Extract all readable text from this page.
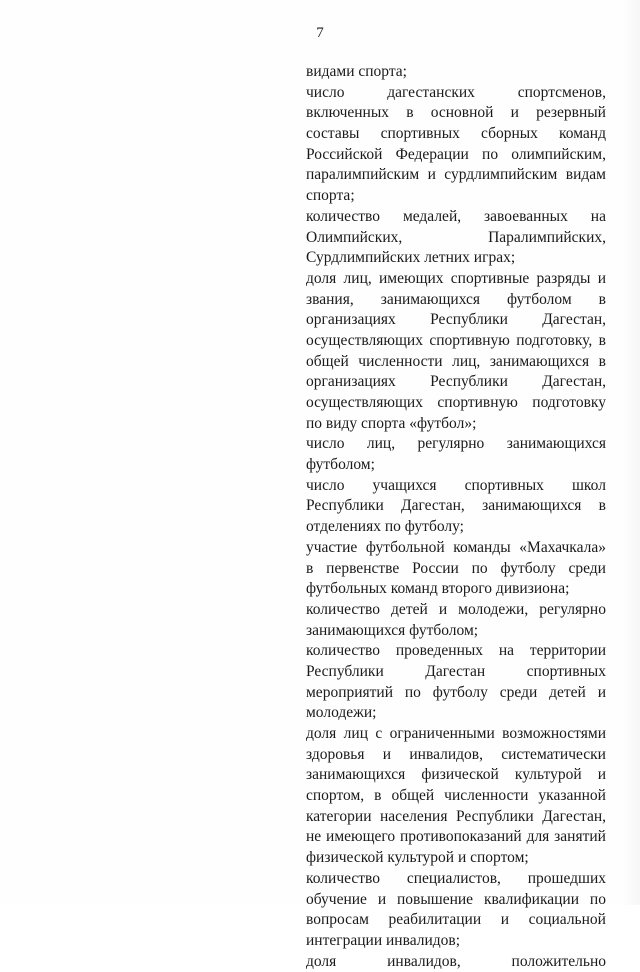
7
видами спорта;
число	дагестанских	спортсменов,
включенных в основной и резервный
составы спортивных сборных команд
Российской Федерации по олимпийским,
паралимпийским и сурдлимпийским видам
спорта;
количество медалей, завоеванных на
Олимпийских,	Паралимпийских,
Сурдлимпийских летних играх;
доля лиц, имеющих спортивные разряды и
звания, занимающихся футболом в
организациях Республики Дагестан,
осуществляющих спортивную подготовку, в
общей численности лиц, занимающихся в
организациях Республики Дагестан,
осуществляющих спортивную подготовку
по виду спорта «футбол»;
число лиц, регулярно занимающихся
футболом;
число учащихся спортивных школ
Республики Дагестан, занимающихся в
отделениях по футболу;
участие футбольной команды «Махачкала»
в первенстве России по футболу среди
футбольных команд второго дивизиона;
количество детей и молодежи, регулярно
занимающихся футболом;
количество проведенных на территории
Республики	Дагестан	спортивных
мероприятий по футболу среди детей и
молодежи;
доля лиц с ограниченными возможностями
здоровья и инвалидов, систематически
занимающихся физической культурой и
спортом, в общей численности указанной
категории населения Республики Дагестан,
не имеющего противопоказаний для занятий
физической культурой и спортом;
количество специалистов, прошедших
обучение и повышение квалификации по
вопросам реабилитации и социальной
интеграции инвалидов;
доля	инвалидов,	положительно
